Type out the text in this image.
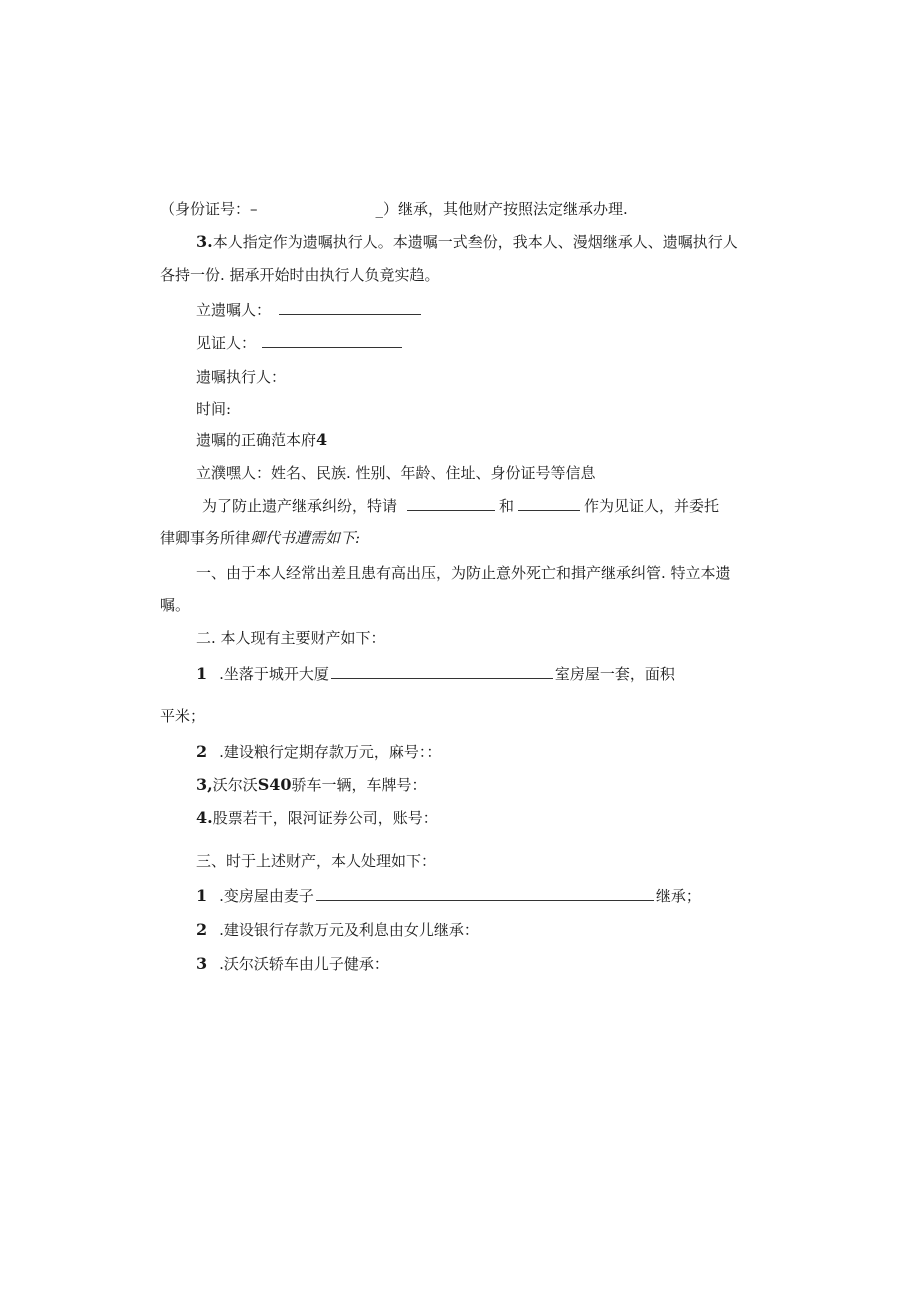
（身份证号：–	_）继承，其他财产按照法定继承办理.
3.本人指定作为遗嘱执行人。本遗嘱一式叁份，我本人、漫烟继承人、遗嘱执行人
各持一份. 据承开始时由执行人负竟实趋。
立遗嘱人：
见证人：
遗嘱执行人：
时间:
遗嘱的正确范本府4
立濮嘿人：姓名、民族. 性别、年龄、住址、身份证号等信息
为了防止遗产继承纠纷，特请	和	作为见证人，并委托
律卿事务所律卿代书遭需如下:
一、由于本人经常出差且患有高出压，为防止意外死亡和揖产继承纠管. 特立本遗
嘱。
二. 本人现有主要财产如下：
1 .坐落于城开大厦	室房屋一套，面积
平米；
2 .建设粮行定期存款万元，麻号：：
3,沃尔沃S40骄车一辆，车牌号：
4.股票若干，限河证券公司，账号：
三、时于上述财产，本人处理如下：
1 .变房屋由麦子	继承；
2 .建设银行存款万元及利息由女儿继承：
3 .沃尔沃轿车由儿子健承：
